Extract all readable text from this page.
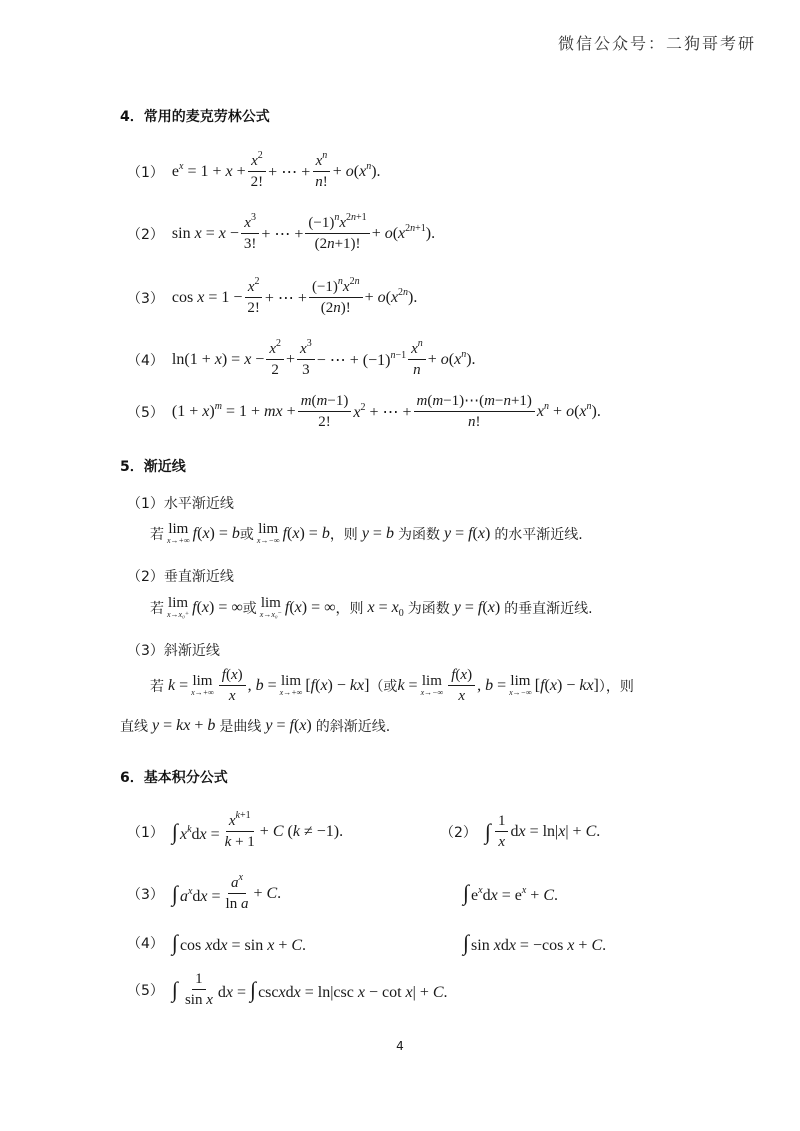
微信公众号：二狗哥考研
4．常用的麦克劳林公式
（1） $e^x = 1 + x + \frac{x^2}{2!}$ + ⋯ + $\frac{x^n}{n!} + o(x^n)$.
（2） $\sin x = x - \frac{x^3}{3!}$ + ⋯ + $\frac{(-1)^nx^{2n+1}}{(2n+1)!} + o(x^{2n+1})$.
（3） $\cos x = 1 - \frac{x^2}{2!}$ + ⋯ + $\frac{(-1)^nx^{2n}}{(2n)!} + o(x^{2n})$.
（4） $\ln(1 + x) = x - \frac{x^2}{2} + \frac{x^3}{3}$ − ⋯ + $(-1)^{n-1} \frac{x^n}{n} + o(x^n)$.
（5） $(1 + x)^m = 1$ + mx + $\frac{m(m-1)}{2!} x^2$ + ⋯ + $\frac{m(m-1)\cdots(m-n+1)}{n!} x^n + o(x^n)$.
5．渐近线
（1）水平渐近线
若 lim
x→+∞ f(x) = b 或 lim
x→−∞ f(x) = b ，则 y = b 为函数 y = f(x) 的水平渐近线.
（2）垂直渐近线
若 lim
x→x₀⁺ f(x) = ∞ 或 lim
x→x₀⁻ f(x) = ∞ ，则 $x = x_0$ 为函数 y = f(x) 的垂直渐近线.
（3）斜渐近线
若 k = lim
$x\to+\infty \frac{f(x)}{x}$ , b = lim
x→+∞ [f(x) − kx] （或 k = lim
$x\to-\infty \frac{f(x)}{x}$ , b = lim
x→−∞ [f(x) − kx] ），则
直线 y = kx + b 是曲线 y = f(x) 的斜渐近线.
6．基本积分公式
（1） ∫ $x^kdx = \frac{x^{k+1}}{k + 1} + C$ (k ≠ −1).	（2） ∫ $\frac{1}{x}$ dx = ln|x| + C.
（3） ∫ $a^xdx = \frac{a^x}{\text{ln a}} + C$.	∫ $e^xdx = e^x + C$.
（4） ∫ cos xdx = sin x + C.	∫ sin xdx = −cos x + C.
（5） ∫ $\frac{1}{\text{sin x}}$ dx = ∫ cscxdx = ln|csc x − cot x| + C.
4
